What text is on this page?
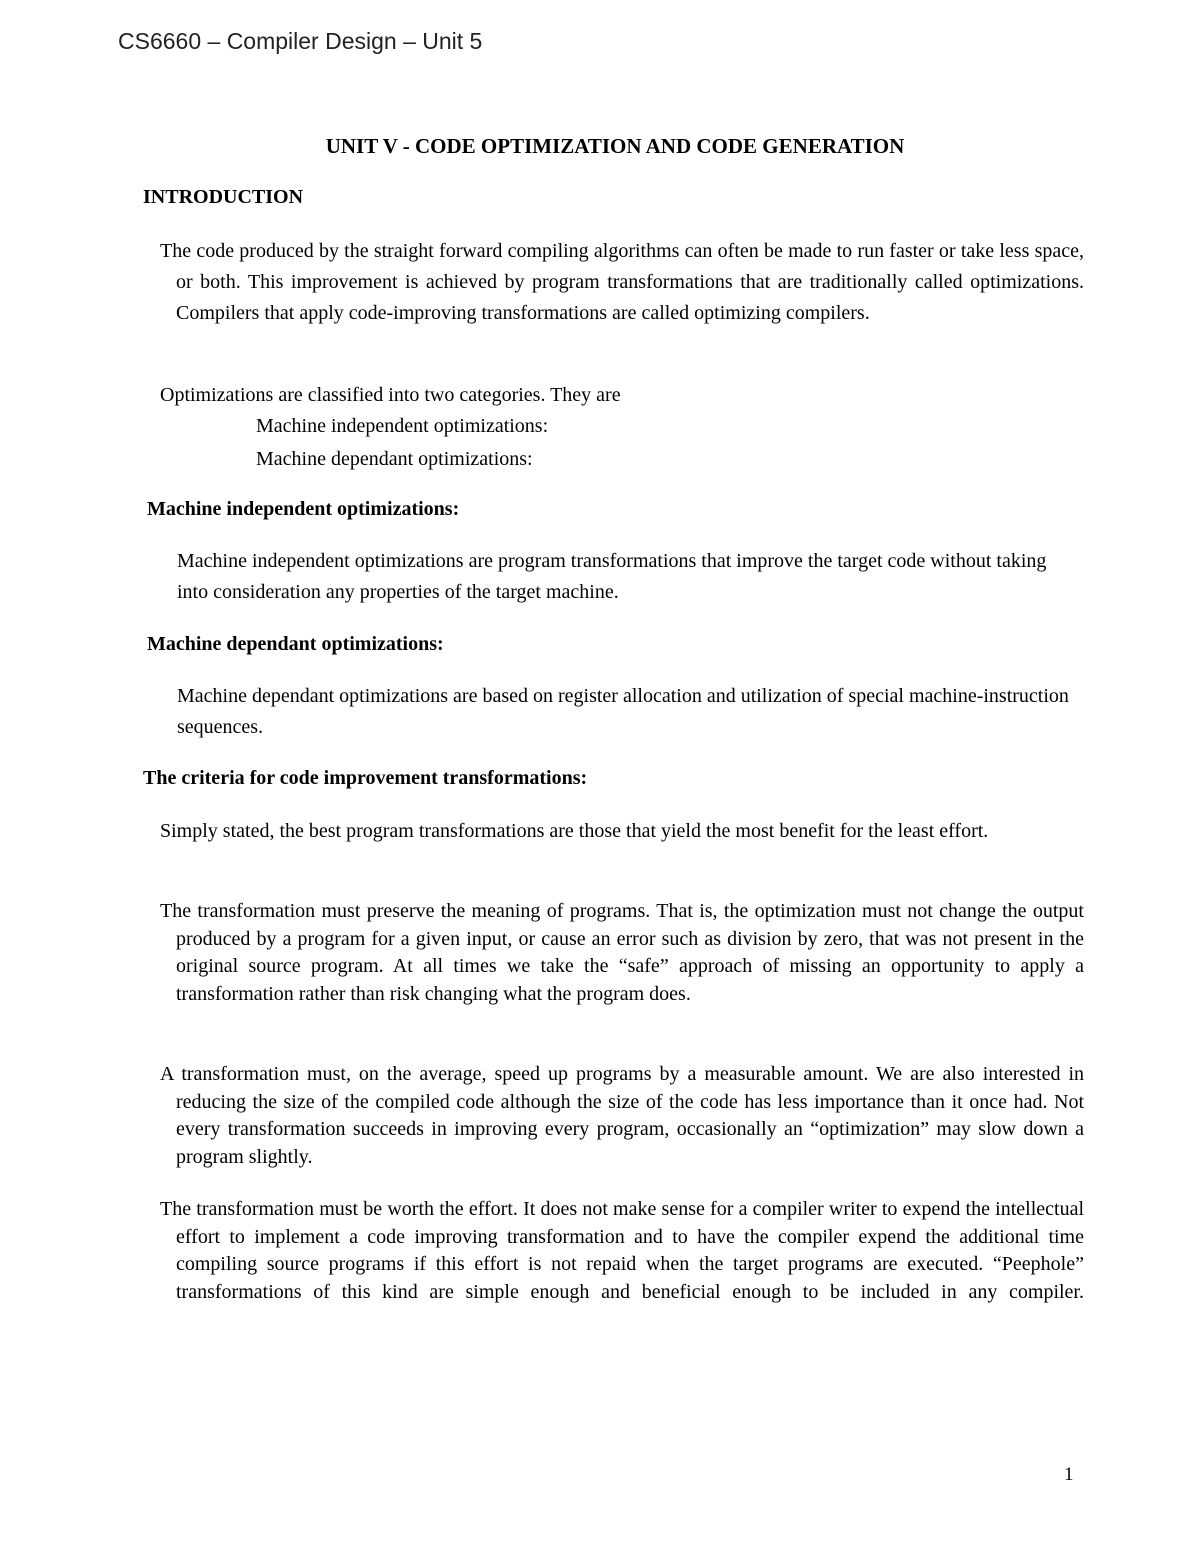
CS6660 – Compiler Design – Unit 5
UNIT V - CODE OPTIMIZATION AND CODE GENERATION
INTRODUCTION
The code produced by the straight forward compiling algorithms can often be made to run faster or take less space, or both. This improvement is achieved by program transformations that are traditionally called optimizations. Compilers that apply code-improving transformations are called optimizing compilers.
Optimizations are classified into two categories. They are
Machine independent optimizations:
Machine dependant optimizations:
Machine independent optimizations:
Machine independent optimizations are program transformations that improve the target code without taking into consideration any properties of the target machine.
Machine dependant optimizations:
Machine dependant optimizations are based on register allocation and utilization of special machine-instruction sequences.
The criteria for code improvement transformations:
Simply stated, the best program transformations are those that yield the most benefit for the least effort.
The transformation must preserve the meaning of programs. That is, the optimization must not change the output produced by a program for a given input, or cause an error such as division by zero, that was not present in the original source program. At all times we take the “safe” approach of missing an opportunity to apply a transformation rather than risk changing what the program does.
A transformation must, on the average, speed up programs by a measurable amount. We are also interested in reducing the size of the compiled code although the size of the code has less importance than it once had. Not every transformation succeeds in improving every program, occasionally an “optimization” may slow down a program slightly.
The transformation must be worth the effort. It does not make sense for a compiler writer to expend the intellectual effort to implement a code improving transformation and to have the compiler expend the additional time compiling source programs if this effort is not repaid when the target programs are executed. “Peephole” transformations of this kind are simple enough and beneficial enough to be included in any compiler.
1
